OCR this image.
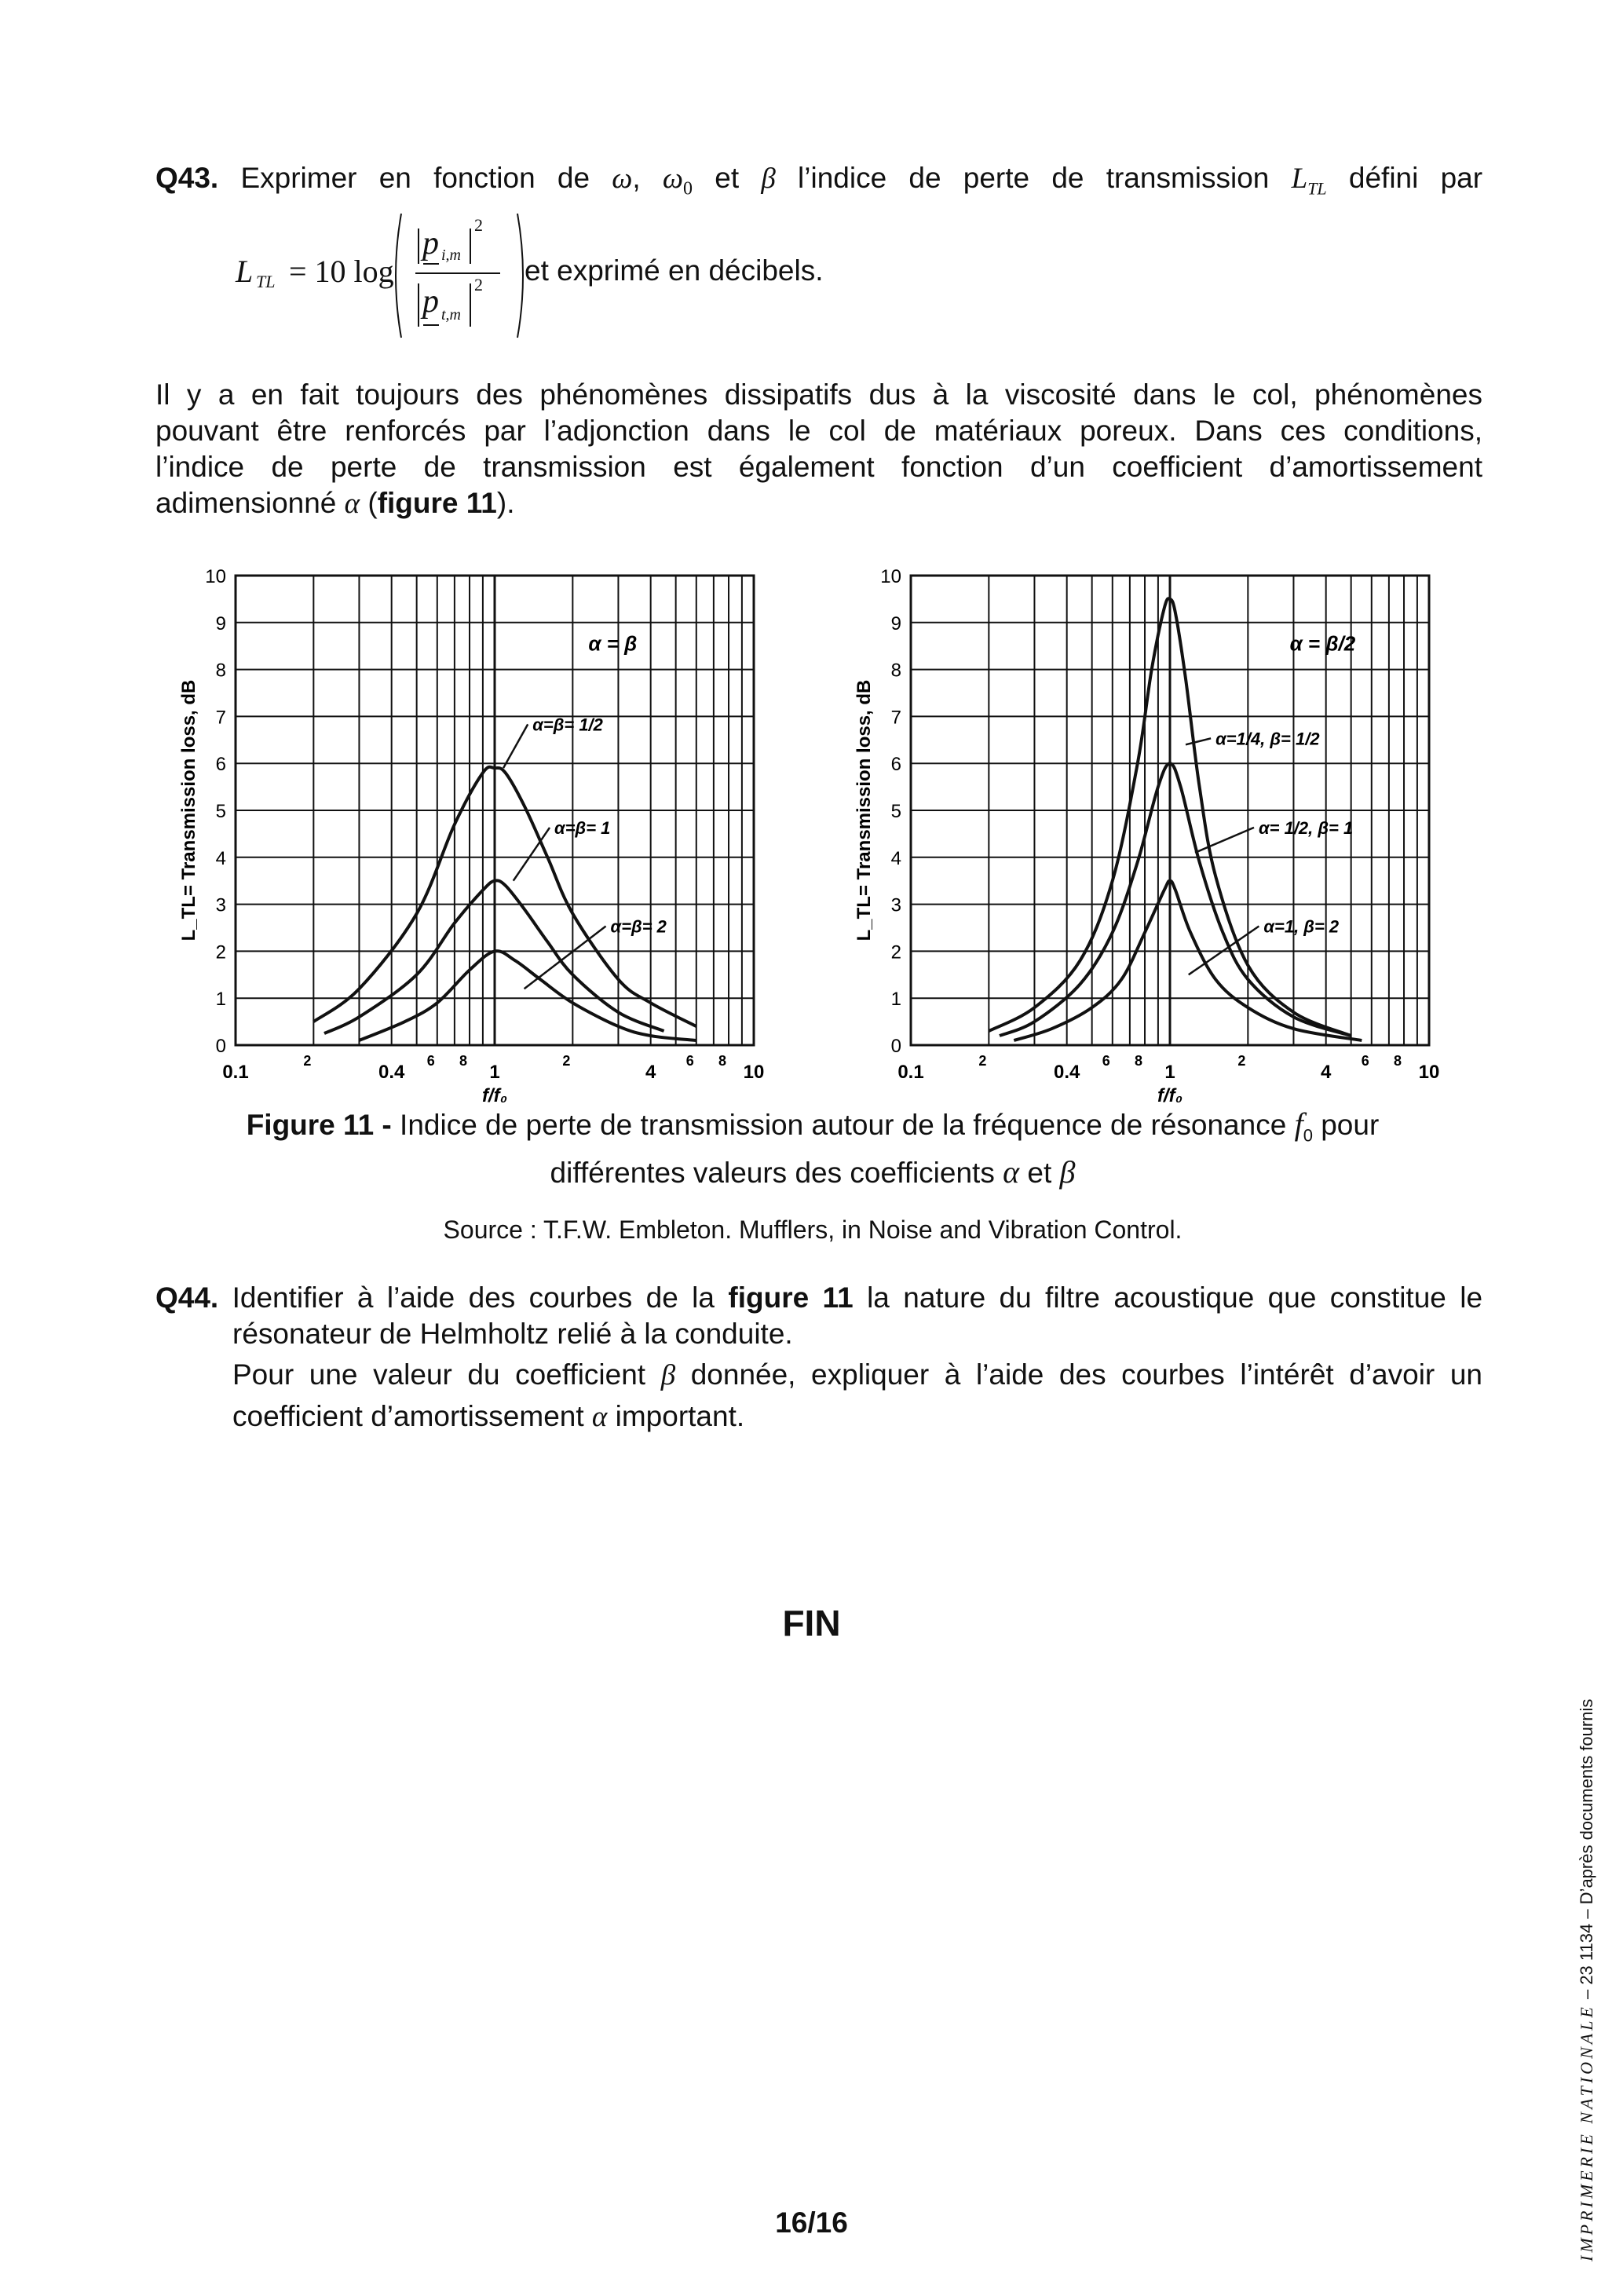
Q43. Exprimer en fonction de ω, $\omega_0$ et β l’indice de perte de transmission $L_{TL}$ défini par
L TL = 10 log
p i,m
2
p t,m
2 et exprimé en décibels.
Il y a en fait toujours des phénomènes dissipatifs dus à la viscosité dans le col, phénomènes
pouvant être renforcés par l’adjonction dans le col de matériaux poreux. Dans ces conditions,
l’indice de perte de transmission est également fonction d’un coefficient d’amortissement
adimensionné α (figure 11).
0
1
2
3
4
5
6
7
8
9
10
0.1
2
0.4
6 8
1
2
4
6 8
10
f/f₀
L_TL= Transmission loss, dB
α = β
α=β= 1/2
α=β= 1
α=β= 2
0
1
2
3
4
5
6
7
8
9
10
0.1
2
0.4
6 8
1
2
4
6 8
10
f/f₀
L_TL= Transmission loss, dB
α = β/2
α=1/4, β= 1/2
α= 1/2, β= 1
α=1, β= 2
Figure 11 - Indice de perte de transmission autour de la fréquence de résonance $f_0$ pour
différentes valeurs des coefficients α et β
Source : T.F.W. Embleton. Mufflers, in Noise and Vibration Control.
Q44. Identifier à l’aide des courbes de la figure 11 la nature du filtre acoustique que constitue le
résonateur de Helmholtz relié à la conduite.
Pour une valeur du coefficient β donnée, expliquer à l’aide des courbes l’intérêt d’avoir un
coefficient d’amortissement α important.
FIN
IMPRIMERIE NATIONALE – 23 1134 – D’après documents fournis
16/16
